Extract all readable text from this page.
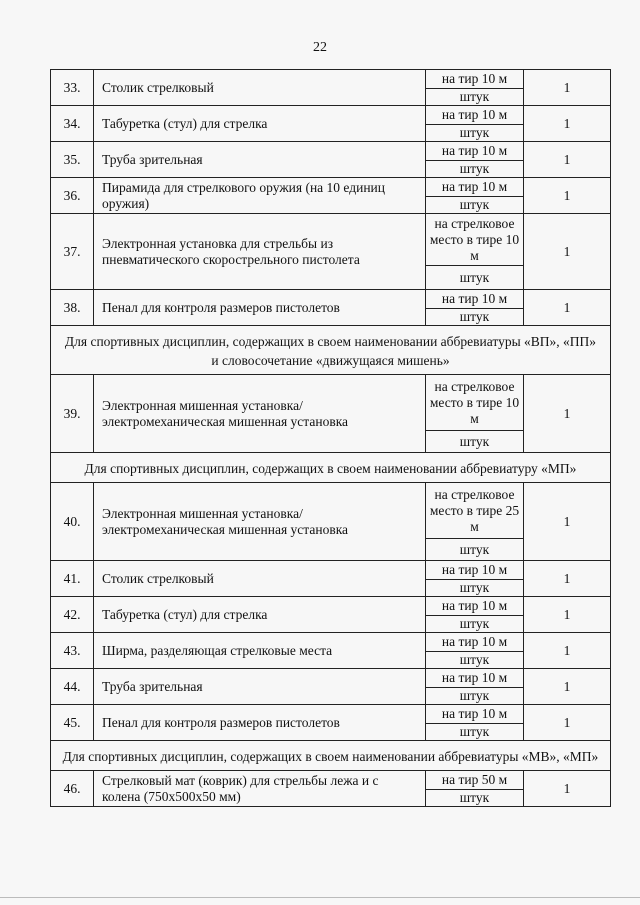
22
33.	Столик стрелковый	на тир 10 м	1
		штук	
34.	Табуретка (стул) для стрелка	на тир 10 м	1
		штук	
35.	Труба зрительная	на тир 10 м	1
		штук	
36.	Пирамида для стрелкового оружия (на 10 единиц оружия)	на тир 10 м	1
		штук	
37.	Электронная установка для стрельбы из пневматического скорострельного пистолета	на стрелковое место в тире 10 м	1
		штук	
38.	Пенал для контроля размеров пистолетов	на тир 10 м	1
		штук	
Для спортивных дисциплин, содержащих в своем наименовании аббревиатуры «ВП», «ПП» и словосочетание «движущаяся мишень»			
39.	Электронная мишенная установка/электромеханическая мишенная установка	на стрелковое место в тире 10 м	1
		штук	
Для спортивных дисциплин, содержащих в своем наименовании аббревиатуру «МП»			
40.	Электронная мишенная установка/электромеханическая мишенная установка	на стрелковое место в тире 25 м	1
		штук	
41.	Столик стрелковый	на тир 10 м	1
		штук	
42.	Табуретка (стул) для стрелка	на тир 10 м	1
		штук	
43.	Ширма, разделяющая стрелковые места	на тир 10 м	1
		штук	
44.	Труба зрительная	на тир 10 м	1
		штук	
45.	Пенал для контроля размеров пистолетов	на тир 10 м	1
		штук	
Для спортивных дисциплин, содержащих в своем наименовании аббревиатуры «МВ», «МП»			
46.	Стрелковый мат (коврик) для стрельбы лежа и с колена (750x500x50 мм)	на тир 50 м	1
		штук	
